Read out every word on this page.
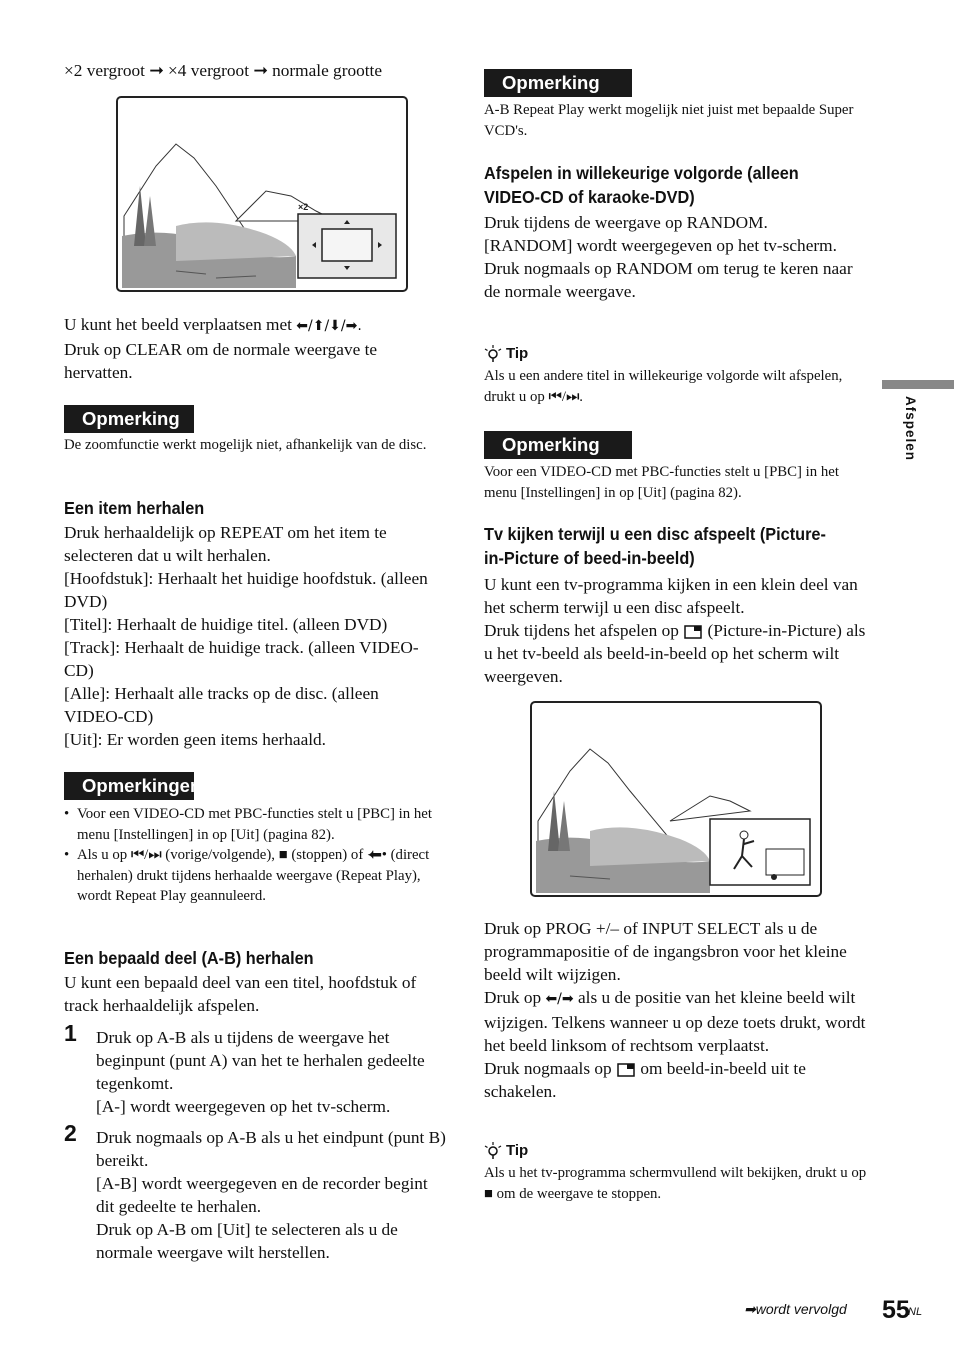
×2 vergroot ➞ ×4 vergroot ➞ normale grootte
×2
U kunt het beeld verplaatsen met ⬅/⬆/⬇/➡.
Druk op CLEAR om de normale weergave te hervatten.
Opmerking
De zoomfunctie werkt mogelijk niet, afhankelijk van de disc.
Een item herhalen
Druk herhaaldelijk op REPEAT om het item te selecteren dat u wilt herhalen.
[Hoofdstuk]: Herhaalt het huidige hoofdstuk. (alleen DVD)
[Titel]: Herhaalt de huidige titel. (alleen DVD)
[Track]: Herhaalt de huidige track. (alleen VIDEO-CD)
[Alle]: Herhaalt alle tracks op de disc. (alleen VIDEO-CD)
[Uit]: Er worden geen items herhaald.
Opmerkingen
• Voor een VIDEO-CD met PBC-functies stelt u [PBC] in het menu [Instellingen] in op [Uit] (pagina 82).
• Als u op ⏮/⏭ (vorige/volgende), ■ (stoppen) of ⬅• (direct herhalen) drukt tijdens herhaalde weergave (Repeat Play), wordt Repeat Play geannuleerd.
Een bepaald deel (A-B) herhalen
U kunt een bepaald deel van een titel, hoofdstuk of track herhaaldelijk afspelen.
1 Druk op A-B als u tijdens de weergave het beginpunt (punt A) van het te herhalen gedeelte tegenkomt.
[A-] wordt weergegeven op het tv-scherm.
2 Druk nogmaals op A-B als u het eindpunt (punt B) bereikt.
[A-B] wordt weergegeven en de recorder begint dit gedeelte te herhalen.
Druk op A-B om [Uit] te selecteren als u de normale weergave wilt herstellen.
Opmerking
A-B Repeat Play werkt mogelijk niet juist met bepaalde Super VCD's.
Afspelen in willekeurige volgorde (alleen
VIDEO-CD of karaoke-DVD)
Druk tijdens de weergave op RANDOM.
[RANDOM] wordt weergegeven op het tv-scherm.
Druk nogmaals op RANDOM om terug te keren naar de normale weergave.
Tip
Als u een andere titel in willekeurige volgorde wilt afspelen, drukt u op ⏮/⏭.
Opmerking
Voor een VIDEO-CD met PBC-functies stelt u [PBC] in het menu [Instellingen] in op [Uit] (pagina 82).
Tv kijken terwijl u een disc afspeelt (Picture-
in-Picture of beed-in-beeld)
U kunt een tv-programma kijken in een klein deel van het scherm terwijl u een disc afspeelt.
Druk tijdens het afspelen op (Picture-in-Picture) als u het tv-beeld als beeld-in-beeld op het scherm wilt weergeven.
Druk op PROG +/– of INPUT SELECT als u de programmapositie of de ingangsbron voor het kleine beeld wilt wijzigen.
Druk op ⬅/➡ als u de positie van het kleine beeld wilt wijzigen. Telkens wanneer u op deze toets drukt, wordt het beeld linksom of rechtsom verplaatst.
Druk nogmaals op om beeld-in-beeld uit te schakelen.
Tip
Als u het tv-programma schermvullend wilt bekijken, drukt u op ■ om de weergave te stoppen.
Afspelen
➡wordt vervolgd 55
NL
